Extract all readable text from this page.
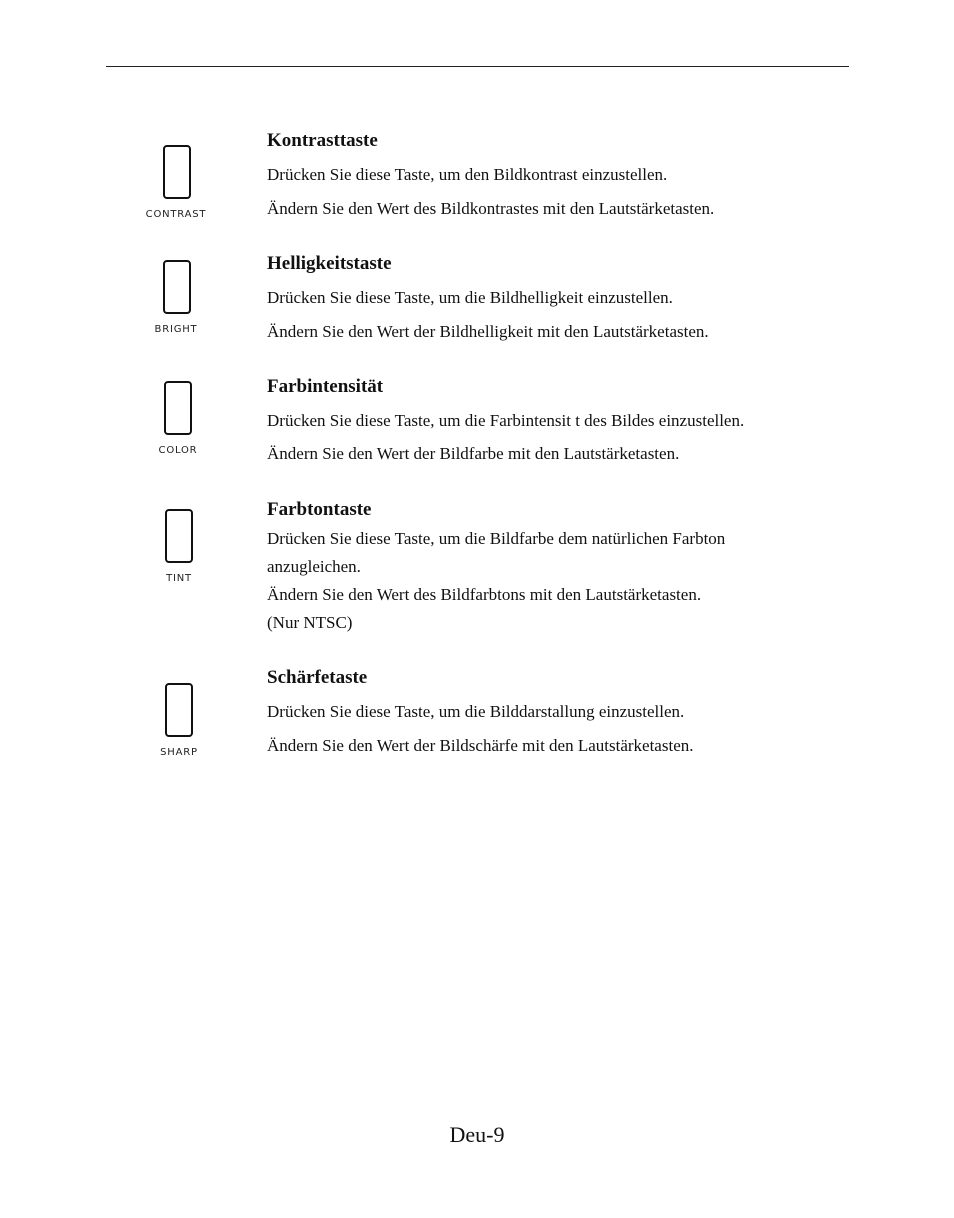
CONTRAST
Kontrasttaste
Drücken Sie diese Taste, um den Bildkontrast einzustellen.
Ändern Sie den Wert des Bildkontrastes mit den Lautstärketasten.
BRIGHT
Helligkeitstaste
Drücken Sie diese Taste, um die Bildhelligkeit einzustellen.
Ändern Sie den Wert der Bildhelligkeit mit den Lautstärketasten.
COLOR
Farbintensität
Drücken Sie diese Taste, um die Farbintensit t des Bildes einzustellen.
Ändern Sie den Wert der Bildfarbe mit den Lautstärketasten.
TINT
Farbtontaste
Drücken Sie diese Taste, um die Bildfarbe dem natürlichen Farbton
anzugleichen.
Ändern Sie den Wert des Bildfarbtons mit den Lautstärketasten.
(Nur NTSC)
SHARP
Schärfetaste
Drücken Sie diese Taste, um die Bilddarstallung einzustellen.
Ändern Sie den Wert der Bildschärfe mit den Lautstärketasten.
Deu-9
